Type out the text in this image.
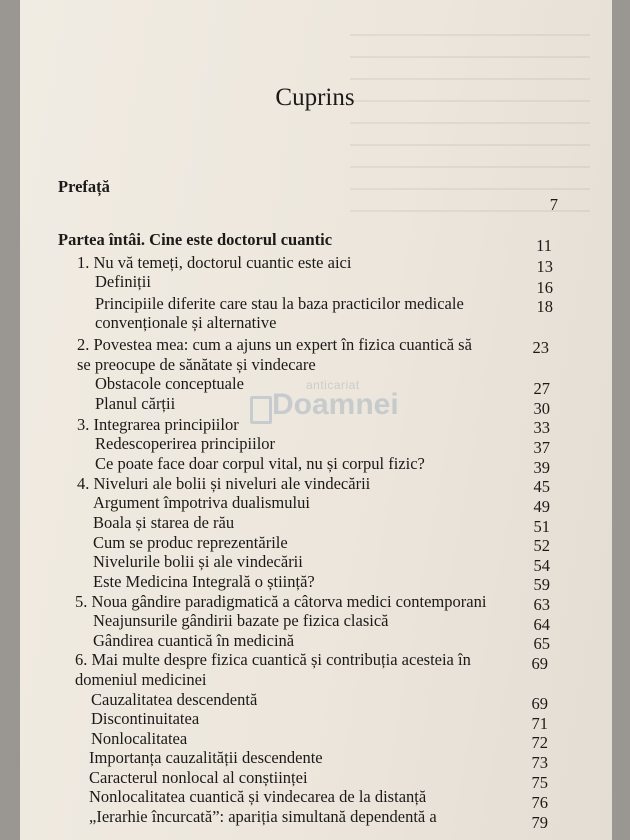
Cuprins
Prefață
7
Partea întâi. Cine este doctorul cuantic	11
1. Nu vă temeți, doctorul cuantic este aici	13
Definiții	16
Principiile diferite care stau la baza practicilor medicale	18
convenționale și alternative
2. Povestea mea: cum a ajuns un expert în fizica cuantică să	23
se preocupe de sănătate și vindecare
Obstacole conceptuale	27
Planul cărții	30
3. Integrarea principiilor	33
Redescoperirea principiilor	37
Ce poate face doar corpul vital, nu și corpul fizic?	39
4. Niveluri ale bolii și niveluri ale vindecării	45
Argument împotriva dualismului	49
Boala și starea de rău	51
Cum se produc reprezentările	52
Nivelurile bolii și ale vindecării	54
Este Medicina Integrală o știință?	59
5. Noua gândire paradigmatică a câtorva medici contemporani	63
Neajunsurile gândirii bazate pe fizica clasică	64
Gândirea cuantică în medicină	65
6. Mai multe despre fizica cuantică și contribuția acesteia în	69
domeniul medicinei
Cauzalitatea descendentă	69
Discontinuitatea	71
Nonlocalitatea	72
Importanța cauzalității descendente	73
Caracterul nonlocal al conștiinței	75
Nonlocalitatea cuantică și vindecarea de la distanță	76
„Ierarhie încurcată”: apariția simultană dependentă a	79
anticariat
Doamnei
